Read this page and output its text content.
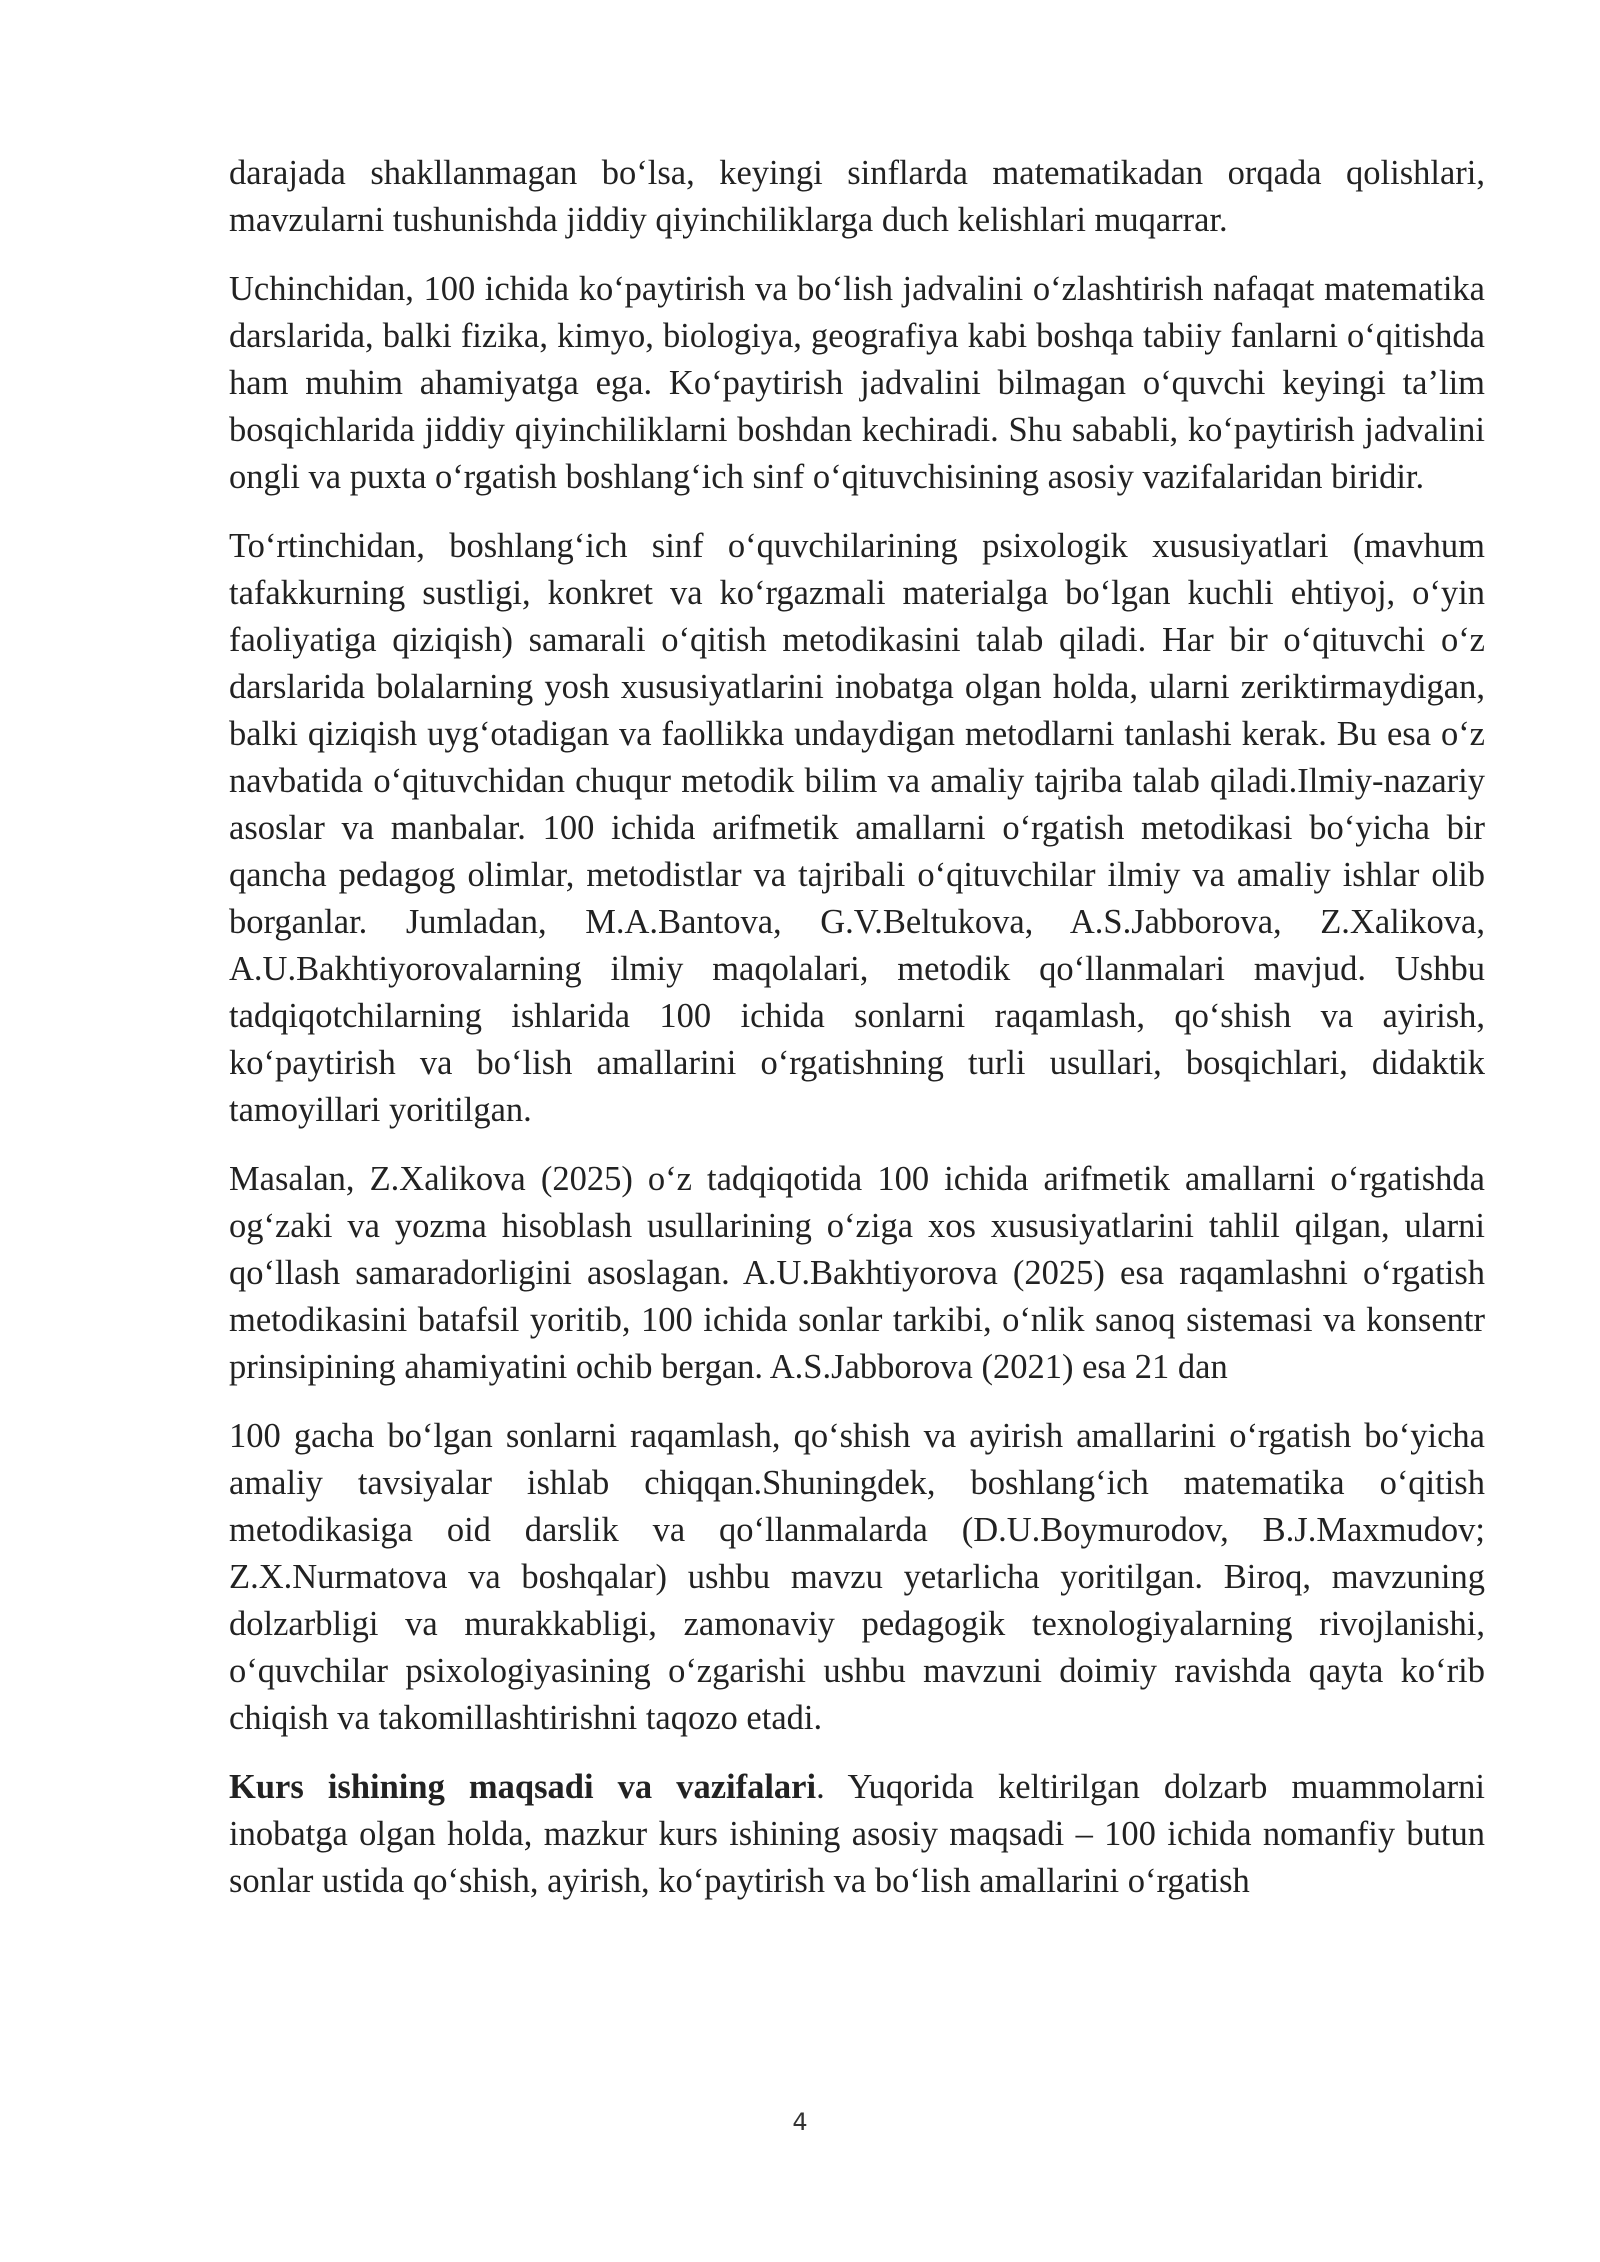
darajada shakllanmagan bo‘lsa, keyingi sinflarda matematikadan orqada qolishlari, mavzularni tushunishda jiddiy qiyinchiliklarga duch kelishlari muqarrar.

Uchinchidan, 100 ichida ko‘paytirish va bo‘lish jadvalini o‘zlashtirish nafaqat matematika darslarida, balki fizika, kimyo, biologiya, geografiya kabi boshqa tabiiy fanlarni o‘qitishda ham muhim ahamiyatga ega. Ko‘paytirish jadvalini bilmagan o‘quvchi keyingi ta’lim bosqichlarida jiddiy qiyinchiliklarni boshdan kechiradi. Shu sababli, ko‘paytirish jadvalini ongli va puxta o‘rgatish boshlang‘ich sinf o‘qituvchisining asosiy vazifalaridan biridir.

To‘rtinchidan, boshlang‘ich sinf o‘quvchilarining psixologik xususiyatlari (mavhum tafakkurning sustligi, konkret va ko‘rgazmali materialga bo‘lgan kuchli ehtiyoj, o‘yin faoliyatiga qiziqish) samarali o‘qitish metodikasini talab qiladi. Har bir o‘qituvchi o‘z darslarida bolalarning yosh xususiyatlarini inobatga olgan holda, ularni zeriktirmaydigan, balki qiziqish uyg‘otadigan va faollikka undaydigan metodlarni tanlashi kerak. Bu esa o‘z navbatida o‘qituvchidan chuqur metodik bilim va amaliy tajriba talab qiladi.Ilmiy-nazariy asoslar va manbalar. 100 ichida arifmetik amallarni o‘rgatish metodikasi bo‘yicha bir qancha pedagog olimlar, metodistlar va tajribali o‘qituvchilar ilmiy va amaliy ishlar olib borganlar. Jumladan, M.A.Bantova, G.V.Beltukova, A.S.Jabborova, Z.Xalikova, A.U.Bakhtiyorovalarning ilmiy maqolalari, metodik qo‘llanmalari mavjud. Ushbu tadqiqotchilarning ishlarida 100 ichida sonlarni raqamlash, qo‘shish va ayirish, ko‘paytirish va bo‘lish amallarini o‘rgatishning turli usullari, bosqichlari, didaktik tamoyillari yoritilgan.

Masalan, Z.Xalikova (2025) o‘z tadqiqotida 100 ichida arifmetik amallarni o‘rgatishda og‘zaki va yozma hisoblash usullarining o‘ziga xos xususiyatlarini tahlil qilgan, ularni qo‘llash samaradorligini asoslagan. A.U.Bakhtiyorova (2025) esa raqamlashni o‘rgatish metodikasini batafsil yoritib, 100 ichida sonlar tarkibi, o‘nlik sanoq sistemasi va konsentr prinsipining ahamiyatini ochib bergan. A.S.Jabborova (2021) esa 21 dan

100 gacha bo‘lgan sonlarni raqamlash, qo‘shish va ayirish amallarini o‘rgatish bo‘yicha amaliy tavsiyalar ishlab chiqqan.Shuningdek, boshlang‘ich matematika o‘qitish metodikasiga oid darslik va qo‘llanmalarda (D.U.Boymurodov, B.J.Maxmudov; Z.X.Nurmatova va boshqalar) ushbu mavzu yetarlicha yoritilgan. Biroq, mavzuning dolzarbligi va murakkabligi, zamonaviy pedagogik texnologiyalarning rivojlanishi, o‘quvchilar psixologiyasining o‘zgarishi ushbu mavzuni doimiy ravishda qayta ko‘rib chiqish va takomillashtirishni taqozo etadi.

Kurs ishining maqsadi va vazifalari. Yuqorida keltirilgan dolzarb muammolarni inobatga olgan holda, mazkur kurs ishining asosiy maqsadi – 100 ichida nomanfiy butun sonlar ustida qo‘shish, ayirish, ko‘paytirish va bo‘lish amallarini o‘rgatish

4
